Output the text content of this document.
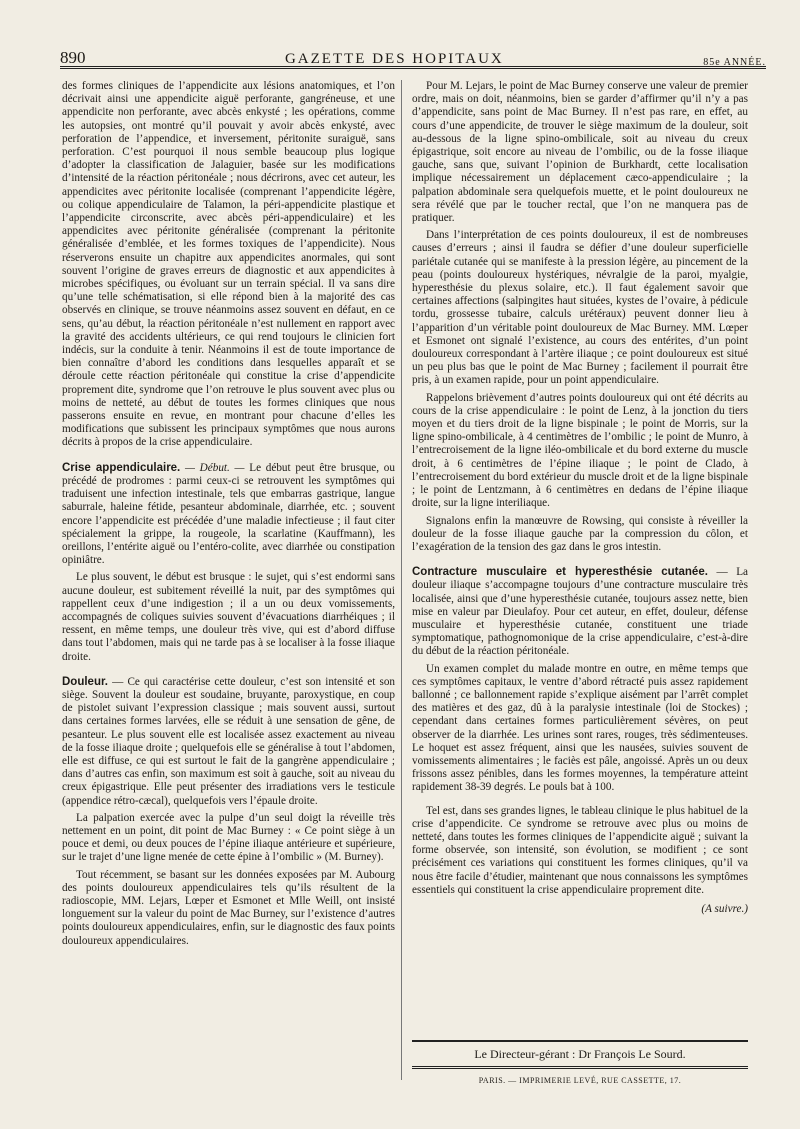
890	GAZETTE DES HOPITAUX	85e ANNÉE.

des formes cliniques de l’appendicite aux lésions anatomiques, et l’on décrivait ainsi une appendicite aiguë perforante, gangréneuse, et une appendicite non perforante, avec abcès enkysté ; les opérations, comme les autopsies, ont montré qu’il pouvait y avoir abcès enkysté, avec perforation de l’appendice, et inversement, péritonite suraiguë, sans perforation. C’est pourquoi il nous semble beaucoup plus logique d’adopter la classification de Jalaguier, basée sur les modifications d’intensité de la réaction péritonéale ; nous décrirons, avec cet auteur, les appendicites avec péritonite localisée (comprenant l’appendicite légère, ou colique appendiculaire de Talamon, la péri-appendicite plastique et l’appendicite circonscrite, avec abcès péri-appendiculaire) et les appendicites avec péritonite généralisée (comprenant la péritonite généralisée d’emblée, et les formes toxiques de l’appendicite). Nous réserverons ensuite un chapitre aux appendicites anormales, qui sont souvent l’origine de graves erreurs de diagnostic et aux appendicites à microbes spécifiques, ou évoluant sur un terrain spécial. Il va sans dire qu’une telle schématisation, si elle répond bien à la majorité des cas observés en clinique, se trouve néanmoins assez souvent en défaut, en ce sens, qu’au début, la réaction péritonéale n’est nullement en rapport avec la gravité des accidents ultérieurs, ce qui rend toujours le clinicien fort indécis, sur la conduite à tenir. Néanmoins il est de toute importance de bien connaître d’abord les conditions dans lesquelles apparaît et se déroule cette réaction péritonéale qui constitue la crise d’appendicite proprement dite, syndrome que l’on retrouve le plus souvent avec plus ou moins de netteté, au début de toutes les formes cliniques que nous passerons ensuite en revue, en montrant pour chacune d’elles les modifications que subissent les principaux symptômes que nous aurons décrits à propos de la crise appendiculaire.

Crise appendiculaire. — Début. — Le début peut être brusque, ou précédé de prodromes : parmi ceux-ci se retrouvent les symptômes qui traduisent une infection intestinale, tels que embarras gastrique, langue saburrale, haleine fétide, pesanteur abdominale, diarrhée, etc. ; souvent encore l’appendicite est précédée d’une maladie infectieuse ; il faut citer spécialement la grippe, la rougeole, la scarlatine (Kauffmann), les oreillons, l’entérite aiguë ou l’entéro-colite, avec diarrhée ou constipation opiniâtre.

Le plus souvent, le début est brusque : le sujet, qui s’est endormi sans aucune douleur, est subitement réveillé la nuit, par des symptômes qui rappellent ceux d’une indigestion ; il a un ou deux vomissements, accompagnés de coliques suivies souvent d’évacuations diarrhéiques ; il ressent, en même temps, une douleur très vive, qui est d’abord diffuse dans tout l’abdomen, mais qui ne tarde pas à se localiser à la fosse iliaque droite.

Douleur. — Ce qui caractérise cette douleur, c’est son intensité et son siège. Souvent la douleur est soudaine, bruyante, paroxystique, en coup de pistolet suivant l’expression classique ; mais souvent aussi, surtout dans certaines formes larvées, elle se réduit à une sensation de gêne, de pesanteur. Le plus souvent elle est localisée assez exactement au niveau de la fosse iliaque droite ; quelquefois elle se généralise à tout l’abdomen, elle est diffuse, ce qui est surtout le fait de la gangrène appendiculaire ; dans d’autres cas enfin, son maximum est soit à gauche, soit au niveau du creux épigastrique. Elle peut présenter des irradiations vers le testicule (appendice rétro-cæcal), quelquefois vers l’épaule droite.

La palpation exercée avec la pulpe d’un seul doigt la réveille très nettement en un point, dit point de Mac Burney : « Ce point siège à un pouce et demi, ou deux pouces de l’épine iliaque antérieure et supérieure, sur le trajet d’une ligne menée de cette épine à l’ombilic » (M. Burney).

Tout récemment, se basant sur les données exposées par M. Aubourg des points douloureux appendiculaires tels qu’ils résultent de la radioscopie, MM. Lejars, Lœper et Esmonet et Mlle Weill, ont insisté longuement sur la valeur du point de Mac Burney, sur l’existence d’autres points douloureux appendiculaires, enfin, sur le diagnostic des faux points douloureux appendiculaires.

Pour M. Lejars, le point de Mac Burney conserve une valeur de premier ordre, mais on doit, néanmoins, bien se garder d’affirmer qu’il n’y a pas d’appendicite, sans point de Mac Burney. Il n’est pas rare, en effet, au cours d’une appendicite, de trouver le siège maximum de la douleur, soit au-dessous de la ligne spino-ombilicale, soit au niveau du creux épigastrique, soit encore au niveau de l’ombilic, ou de la fosse iliaque gauche, sans que, suivant l’opinion de Burkhardt, cette localisation implique nécessairement un déplacement cæco-appendiculaire ; la palpation abdominale sera quelquefois muette, et le point douloureux ne sera révélé que par le toucher rectal, que l’on ne manquera pas de pratiquer.

Dans l’interprétation de ces points douloureux, il est de nombreuses causes d’erreurs ; ainsi il faudra se défier d’une douleur superficielle pariétale cutanée qui se manifeste à la pression légère, au pincement de la peau (points douloureux hystériques, névralgie de la paroi, myalgie, hyperesthésie du plexus solaire, etc.). Il faut également savoir que certaines affections (salpingites haut situées, kystes de l’ovaire, à pédicule tordu, grossesse tubaire, calculs urétéraux) peuvent donner lieu à l’apparition d’un véritable point douloureux de Mac Burney. MM. Lœper et Esmonet ont signalé l’existence, au cours des entérites, d’un point douloureux correspondant à l’artère iliaque ; ce point douloureux est situé un peu plus bas que le point de Mac Burney ; facilement il pourrait être pris, à un examen rapide, pour un point appendiculaire.

Rappelons brièvement d’autres points douloureux qui ont été décrits au cours de la crise appendiculaire : le point de Lenz, à la jonction du tiers moyen et du tiers droit de la ligne bispinale ; le point de Morris, sur la ligne spino-ombilicale, à 4 centimètres de l’ombilic ; le point de Munro, à l’entrecroisement de la ligne iléo-ombilicale et du bord externe du muscle droit, à 6 centimètres de l’épine iliaque ; le point de Clado, à l’entrecroisement du bord extérieur du muscle droit et de la ligne bispinale ; le point de Lentzmann, à 6 centimètres en dedans de l’épine iliaque droite, sur la ligne interiliaque.

Signalons enfin la manœuvre de Rowsing, qui consiste à réveiller la douleur de la fosse iliaque gauche par la compression du côlon, et l’exagération de la tension des gaz dans le gros intestin.

Contracture musculaire et hyperesthésie cutanée. — La douleur iliaque s’accompagne toujours d’une contracture musculaire très localisée, ainsi que d’une hyperesthésie cutanée, toujours assez nette, bien mise en valeur par Dieulafoy. Pour cet auteur, en effet, douleur, défense musculaire et hyperesthésie cutanée, constituent une triade symptomatique, pathognomonique de la crise appendiculaire, c’est-à-dire du début de la réaction péritonéale.

Un examen complet du malade montre en outre, en même temps que ces symptômes capitaux, le ventre d’abord rétracté puis assez rapidement ballonné ; ce ballonnement rapide s’explique aisément par l’arrêt complet des matières et des gaz, dû à la paralysie intestinale (loi de Stockes) ; cependant dans certaines formes particulièrement sévères, on peut observer de la diarrhée. Les urines sont rares, rouges, très sédimenteuses. Le hoquet est assez fréquent, ainsi que les nausées, suivies souvent de vomissements alimentaires ; le faciès est pâle, angoissé. Après un ou deux frissons assez pénibles, dans les formes moyennes, la température atteint rapidement 38-39 degrés. Le pouls bat à 100.

Tel est, dans ses grandes lignes, le tableau clinique le plus habituel de la crise d’appendicite. Ce syndrome se retrouve avec plus ou moins de netteté, dans toutes les formes cliniques de l’appendicite aiguë ; suivant la forme observée, son intensité, son évolution, se modifient ; ce sont précisément ces variations qui constituent les formes cliniques, qu’il va nous être facile d’étudier, maintenant que nous connaissons les symptômes essentiels qui constituent la crise appendiculaire proprement dite.

(A suivre.)
Le Directeur-gérant : Dr François Le Sourd.
PARIS. — IMPRIMERIE LEVÉ, RUE CASSETTE, 17.
